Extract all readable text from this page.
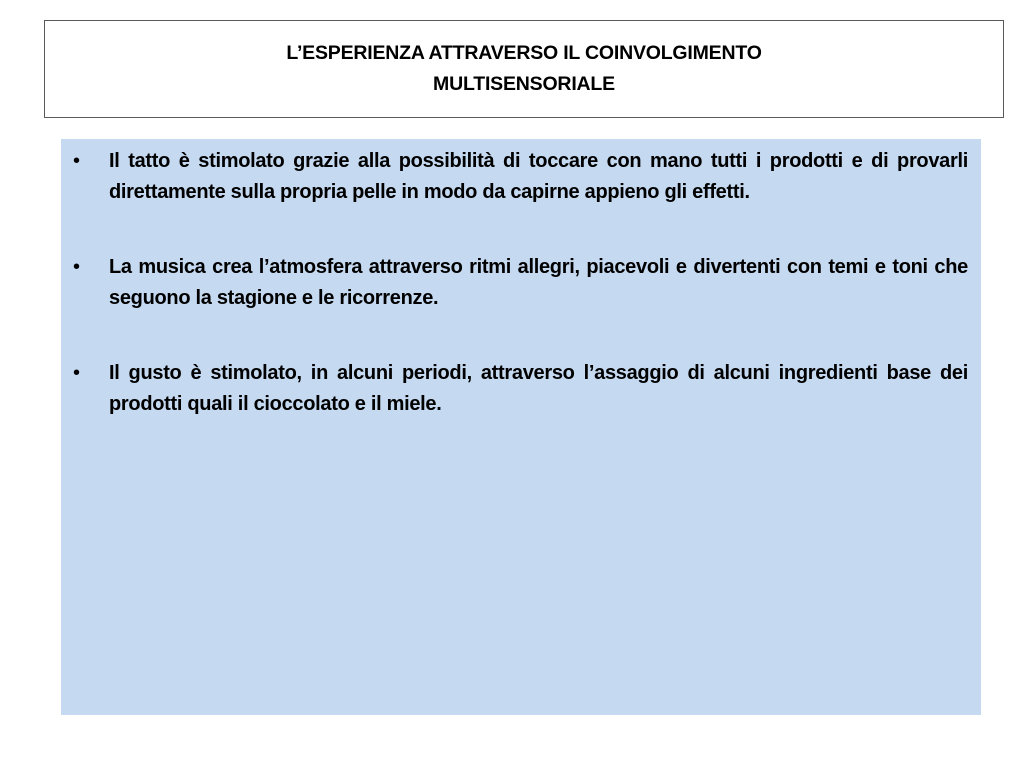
L’ESPERIENZA ATTRAVERSO IL COINVOLGIMENTO
MULTISENSORIALE
•	Il tatto è stimolato grazie alla possibilità di toccare con mano tutti i prodotti e di provarli direttamente sulla propria pelle in modo da capirne appieno gli effetti.
•	La musica crea l’atmosfera attraverso ritmi allegri, piacevoli e divertenti con temi e toni che seguono la stagione e le ricorrenze.
•	Il gusto è stimolato, in alcuni periodi, attraverso l’assaggio di alcuni ingredienti base dei prodotti quali il cioccolato e il miele.
